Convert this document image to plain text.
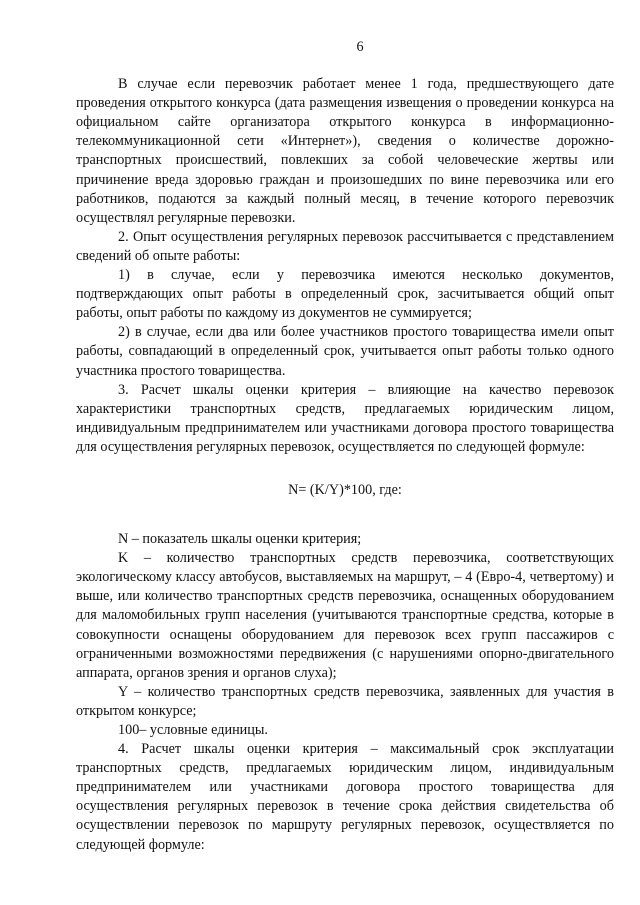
6

В случае если перевозчик работает менее 1 года, предшествующего дате проведения открытого конкурса (дата размещения извещения о проведении конкурса на официальном сайте организатора открытого конкурса в информационно-телекоммуникационной сети «Интернет»), сведения о количестве дорожно-транспортных происшествий, повлекших за собой человеческие жертвы или причинение вреда здоровью граждан и произошедших по вине перевозчика или его работников, подаются за каждый полный месяц, в течение которого перевозчик осуществлял регулярные перевозки.

2. Опыт осуществления регулярных перевозок рассчитывается с представлением сведений об опыте работы:

1) в случае, если у перевозчика имеются несколько документов, подтверждающих опыт работы в определенный срок, засчитывается общий опыт работы, опыт работы по каждому из документов не суммируется;

2) в случае, если два или более участников простого товарищества имели опыт работы, совпадающий в определенный срок, учитывается опыт работы только одного участника простого товарищества.

3. Расчет шкалы оценки критерия – влияющие на качество перевозок характеристики транспортных средств, предлагаемых юридическим лицом, индивидуальным предпринимателем или участниками договора простого товарищества для осуществления регулярных перевозок, осуществляется по следующей формуле:

N= (K/Y)*100, где:

N – показатель шкалы оценки критерия;

K – количество транспортных средств перевозчика, соответствующих экологическому классу автобусов, выставляемых на маршрут, – 4 (Евро-4, четвертому) и выше, или количество транспортных средств перевозчика, оснащенных оборудованием для маломобильных групп населения (учитываются транспортные средства, которые в совокупности оснащены оборудованием для перевозок всех групп пассажиров с ограниченными возможностями передвижения (с нарушениями опорно-двигательного аппарата, органов зрения и органов слуха);

Y – количество транспортных средств перевозчика, заявленных для участия в открытом конкурсе;

100– условные единицы.

4. Расчет шкалы оценки критерия – максимальный срок эксплуатации транспортных средств, предлагаемых юридическим лицом, индивидуальным предпринимателем или участниками договора простого товарищества для осуществления регулярных перевозок в течение срока действия свидетельства об осуществлении перевозок по маршруту регулярных перевозок, осуществляется по следующей формуле:
